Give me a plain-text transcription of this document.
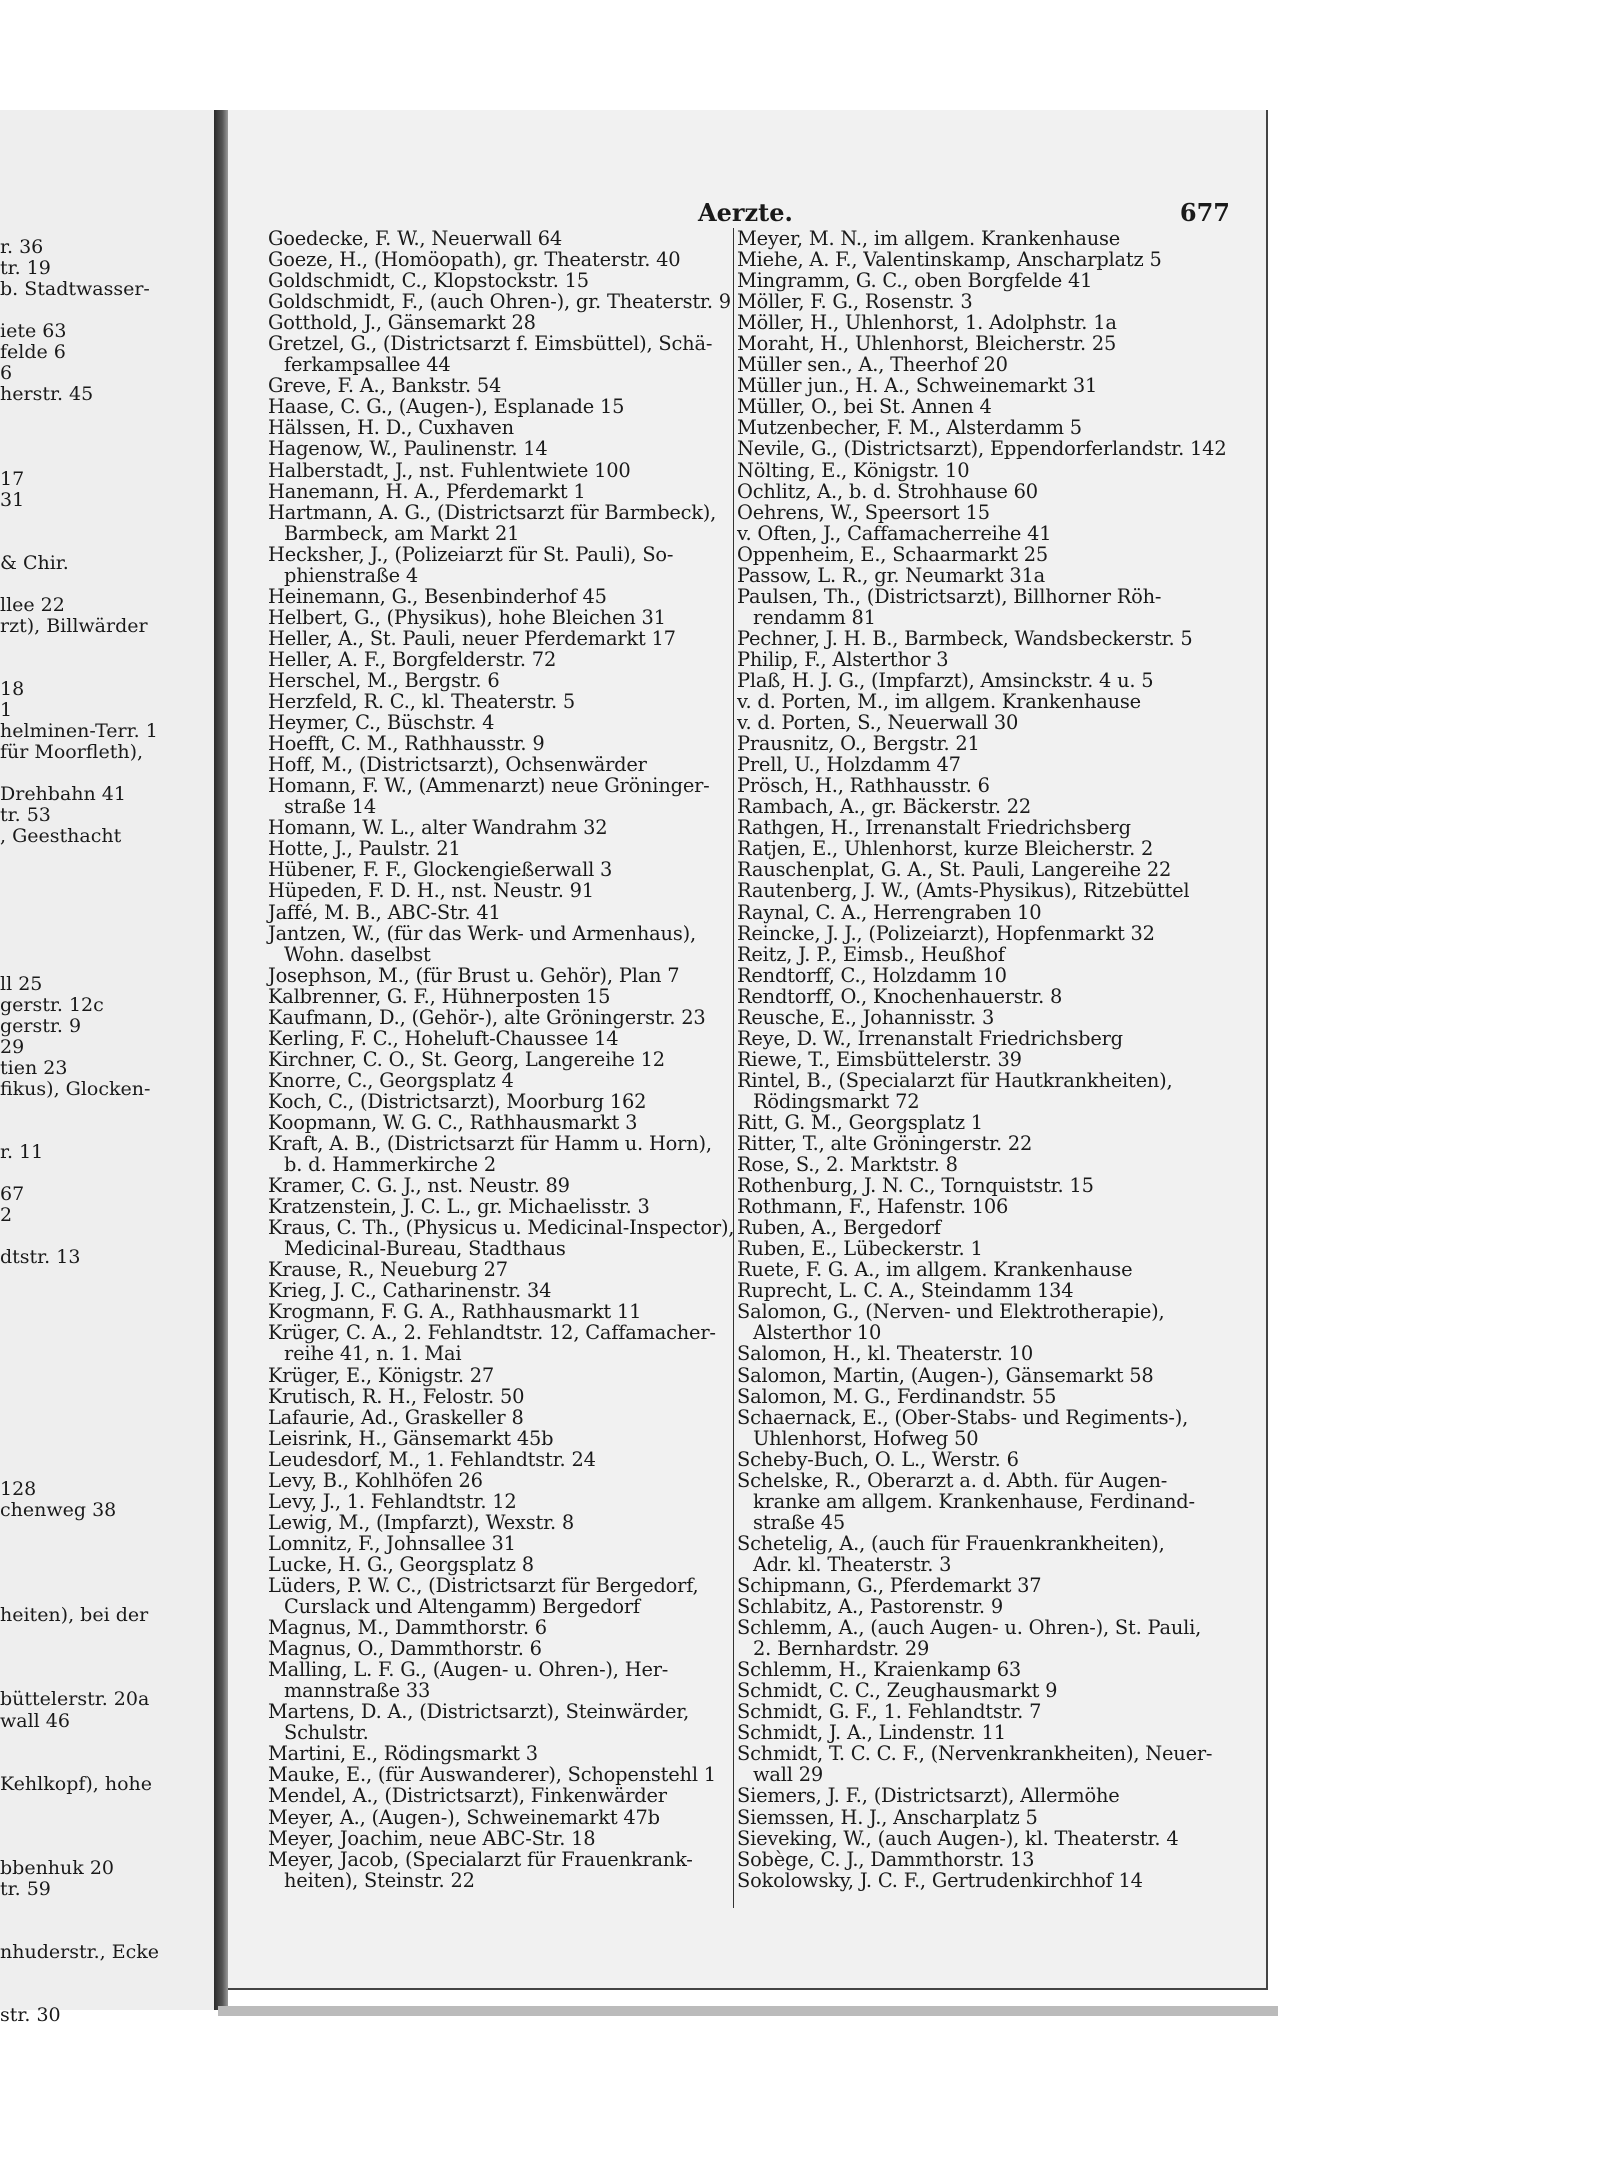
r. 36
tr. 19
b. Stadtwasser-
iete 63
felde 6
6
herstr. 45
17
31
& Chir.
llee 22
rzt), Billwärder
18
1
helminen-Terr. 1
für Moorfleth),
Drehbahn 41
tr. 53
, Geesthacht
ll 25
gerstr. 12c
gerstr. 9
29
tien 23
fikus), Glocken-
r. 11
67
2
dtstr. 13
128
chenweg 38
heiten), bei der
büttelerstr. 20a
wall 46
Kehlkopf), hohe
bbenhuk 20
tr. 59
nhuderstr., Ecke
str. 30
Aerzte.	677
Goedecke, F. W., Neuerwall 64
Goeze, H., (Homöopath), gr. Theaterstr. 40
Goldschmidt, C., Klopstockstr. 15
Goldschmidt, F., (auch Ohren-), gr. Theaterstr. 9
Gotthold, J., Gänsemarkt 28
Gretzel, G., (Districtsarzt f. Eimsbüttel), Schä-
ferkampsallee 44
Greve, F. A., Bankstr. 54
Haase, C. G., (Augen-), Esplanade 15
Hälssen, H. D., Cuxhaven
Hagenow, W., Paulinenstr. 14
Halberstadt, J., nst. Fuhlentwiete 100
Hanemann, H. A., Pferdemarkt 1
Hartmann, A. G., (Districtsarzt für Barmbeck),
Barmbeck, am Markt 21
Hecksher, J., (Polizeiarzt für St. Pauli), So-
phienstraße 4
Heinemann, G., Besenbinderhof 45
Helbert, G., (Physikus), hohe Bleichen 31
Heller, A., St. Pauli, neuer Pferdemarkt 17
Heller, A. F., Borgfelderstr. 72
Herschel, M., Bergstr. 6
Herzfeld, R. C., kl. Theaterstr. 5
Heymer, C., Büschstr. 4
Hoefft, C. M., Rathhausstr. 9
Hoff, M., (Districtsarzt), Ochsenwärder
Homann, F. W., (Ammenarzt) neue Gröninger-
straße 14
Homann, W. L., alter Wandrahm 32
Hotte, J., Paulstr. 21
Hübener, F. F., Glockengießerwall 3
Hüpeden, F. D. H., nst. Neustr. 91
Jaffé, M. B., ABC-Str. 41
Jantzen, W., (für das Werk- und Armenhaus),
Wohn. daselbst
Josephson, M., (für Brust u. Gehör), Plan 7
Kalbrenner, G. F., Hühnerposten 15
Kaufmann, D., (Gehör-), alte Gröningerstr. 23
Kerling, F. C., Hoheluft-Chaussee 14
Kirchner, C. O., St. Georg, Langereihe 12
Knorre, C., Georgsplatz 4
Koch, C., (Districtsarzt), Moorburg 162
Koopmann, W. G. C., Rathhausmarkt 3
Kraft, A. B., (Districtsarzt für Hamm u. Horn),
b. d. Hammerkirche 2
Kramer, C. G. J., nst. Neustr. 89
Kratzenstein, J. C. L., gr. Michaelisstr. 3
Kraus, C. Th., (Physicus u. Medicinal-Inspector),
Medicinal-Bureau, Stadthaus
Krause, R., Neueburg 27
Krieg, J. C., Catharinenstr. 34
Krogmann, F. G. A., Rathhausmarkt 11
Krüger, C. A., 2. Fehlandtstr. 12, Caffamacher-
reihe 41, n. 1. Mai
Krüger, E., Königstr. 27
Krutisch, R. H., Felostr. 50
Lafaurie, Ad., Graskeller 8
Leisrink, H., Gänsemarkt 45b
Leudesdorf, M., 1. Fehlandtstr. 24
Levy, B., Kohlhöfen 26
Levy, J., 1. Fehlandtstr. 12
Lewig, M., (Impfarzt), Wexstr. 8
Lomnitz, F., Johnsallee 31
Lucke, H. G., Georgsplatz 8
Lüders, P. W. C., (Districtsarzt für Bergedorf,
Curslack und Altengamm) Bergedorf
Magnus, M., Dammthorstr. 6
Magnus, O., Dammthorstr. 6
Malling, L. F. G., (Augen- u. Ohren-), Her-
mannstraße 33
Martens, D. A., (Districtsarzt), Steinwärder,
Schulstr.
Martini, E., Rödingsmarkt 3
Mauke, E., (für Auswanderer), Schopenstehl 1
Mendel, A., (Districtsarzt), Finkenwärder
Meyer, A., (Augen-), Schweinemarkt 47b
Meyer, Joachim, neue ABC-Str. 18
Meyer, Jacob, (Specialarzt für Frauenkrank-
heiten), Steinstr. 22
Meyer, M. N., im allgem. Krankenhause
Miehe, A. F., Valentinskamp, Anscharplatz 5
Mingramm, G. C., oben Borgfelde 41
Möller, F. G., Rosenstr. 3
Möller, H., Uhlenhorst, 1. Adolphstr. 1a
Moraht, H., Uhlenhorst, Bleicherstr. 25
Müller sen., A., Theerhof 20
Müller jun., H. A., Schweinemarkt 31
Müller, O., bei St. Annen 4
Mutzenbecher, F. M., Alsterdamm 5
Nevile, G., (Districtsarzt), Eppendorferlandstr. 142
Nölting, E., Königstr. 10
Ochlitz, A., b. d. Strohhause 60
Oehrens, W., Speersort 15
v. Often, J., Caffamacherreihe 41
Oppenheim, E., Schaarmarkt 25
Passow, L. R., gr. Neumarkt 31a
Paulsen, Th., (Districtsarzt), Billhorner Röh-
rendamm 81
Pechner, J. H. B., Barmbeck, Wandsbeckerstr. 5
Philip, F., Alsterthor 3
Plaß, H. J. G., (Impfarzt), Amsinckstr. 4 u. 5
v. d. Porten, M., im allgem. Krankenhause
v. d. Porten, S., Neuerwall 30
Prausnitz, O., Bergstr. 21
Prell, U., Holzdamm 47
Prösch, H., Rathhausstr. 6
Rambach, A., gr. Bäckerstr. 22
Rathgen, H., Irrenanstalt Friedrichsberg
Ratjen, E., Uhlenhorst, kurze Bleicherstr. 2
Rauschenplat, G. A., St. Pauli, Langereihe 22
Rautenberg, J. W., (Amts-Physikus), Ritzebüttel
Raynal, C. A., Herrengraben 10
Reincke, J. J., (Polizeiarzt), Hopfenmarkt 32
Reitz, J. P., Eimsb., Heußhof
Rendtorff, C., Holzdamm 10
Rendtorff, O., Knochenhauerstr. 8
Reusche, E., Johannisstr. 3
Reye, D. W., Irrenanstalt Friedrichsberg
Riewe, T., Eimsbüttelerstr. 39
Rintel, B., (Specialarzt für Hautkrankheiten),
Rödingsmarkt 72
Ritt, G. M., Georgsplatz 1
Ritter, T., alte Gröningerstr. 22
Rose, S., 2. Marktstr. 8
Rothenburg, J. N. C., Tornquiststr. 15
Rothmann, F., Hafenstr. 106
Ruben, A., Bergedorf
Ruben, E., Lübeckerstr. 1
Ruete, F. G. A., im allgem. Krankenhause
Ruprecht, L. C. A., Steindamm 134
Salomon, G., (Nerven- und Elektrotherapie),
Alsterthor 10
Salomon, H., kl. Theaterstr. 10
Salomon, Martin, (Augen-), Gänsemarkt 58
Salomon, M. G., Ferdinandstr. 55
Schaernack, E., (Ober-Stabs- und Regiments-),
Uhlenhorst, Hofweg 50
Scheby-Buch, O. L., Werstr. 6
Schelske, R., Oberarzt a. d. Abth. für Augen-
kranke am allgem. Krankenhause, Ferdinand-
straße 45
Schetelig, A., (auch für Frauenkrankheiten),
Adr. kl. Theaterstr. 3
Schipmann, G., Pferdemarkt 37
Schlabitz, A., Pastorenstr. 9
Schlemm, A., (auch Augen- u. Ohren-), St. Pauli,
2. Bernhardstr. 29
Schlemm, H., Kraienkamp 63
Schmidt, C. C., Zeughausmarkt 9
Schmidt, G. F., 1. Fehlandtstr. 7
Schmidt, J. A., Lindenstr. 11
Schmidt, T. C. C. F., (Nervenkrankheiten), Neuer-
wall 29
Siemers, J. F., (Districtsarzt), Allermöhe
Siemssen, H. J., Anscharplatz 5
Sieveking, W., (auch Augen-), kl. Theaterstr. 4
Sobège, C. J., Dammthorstr. 13
Sokolowsky, J. C. F., Gertrudenkirchhof 14
